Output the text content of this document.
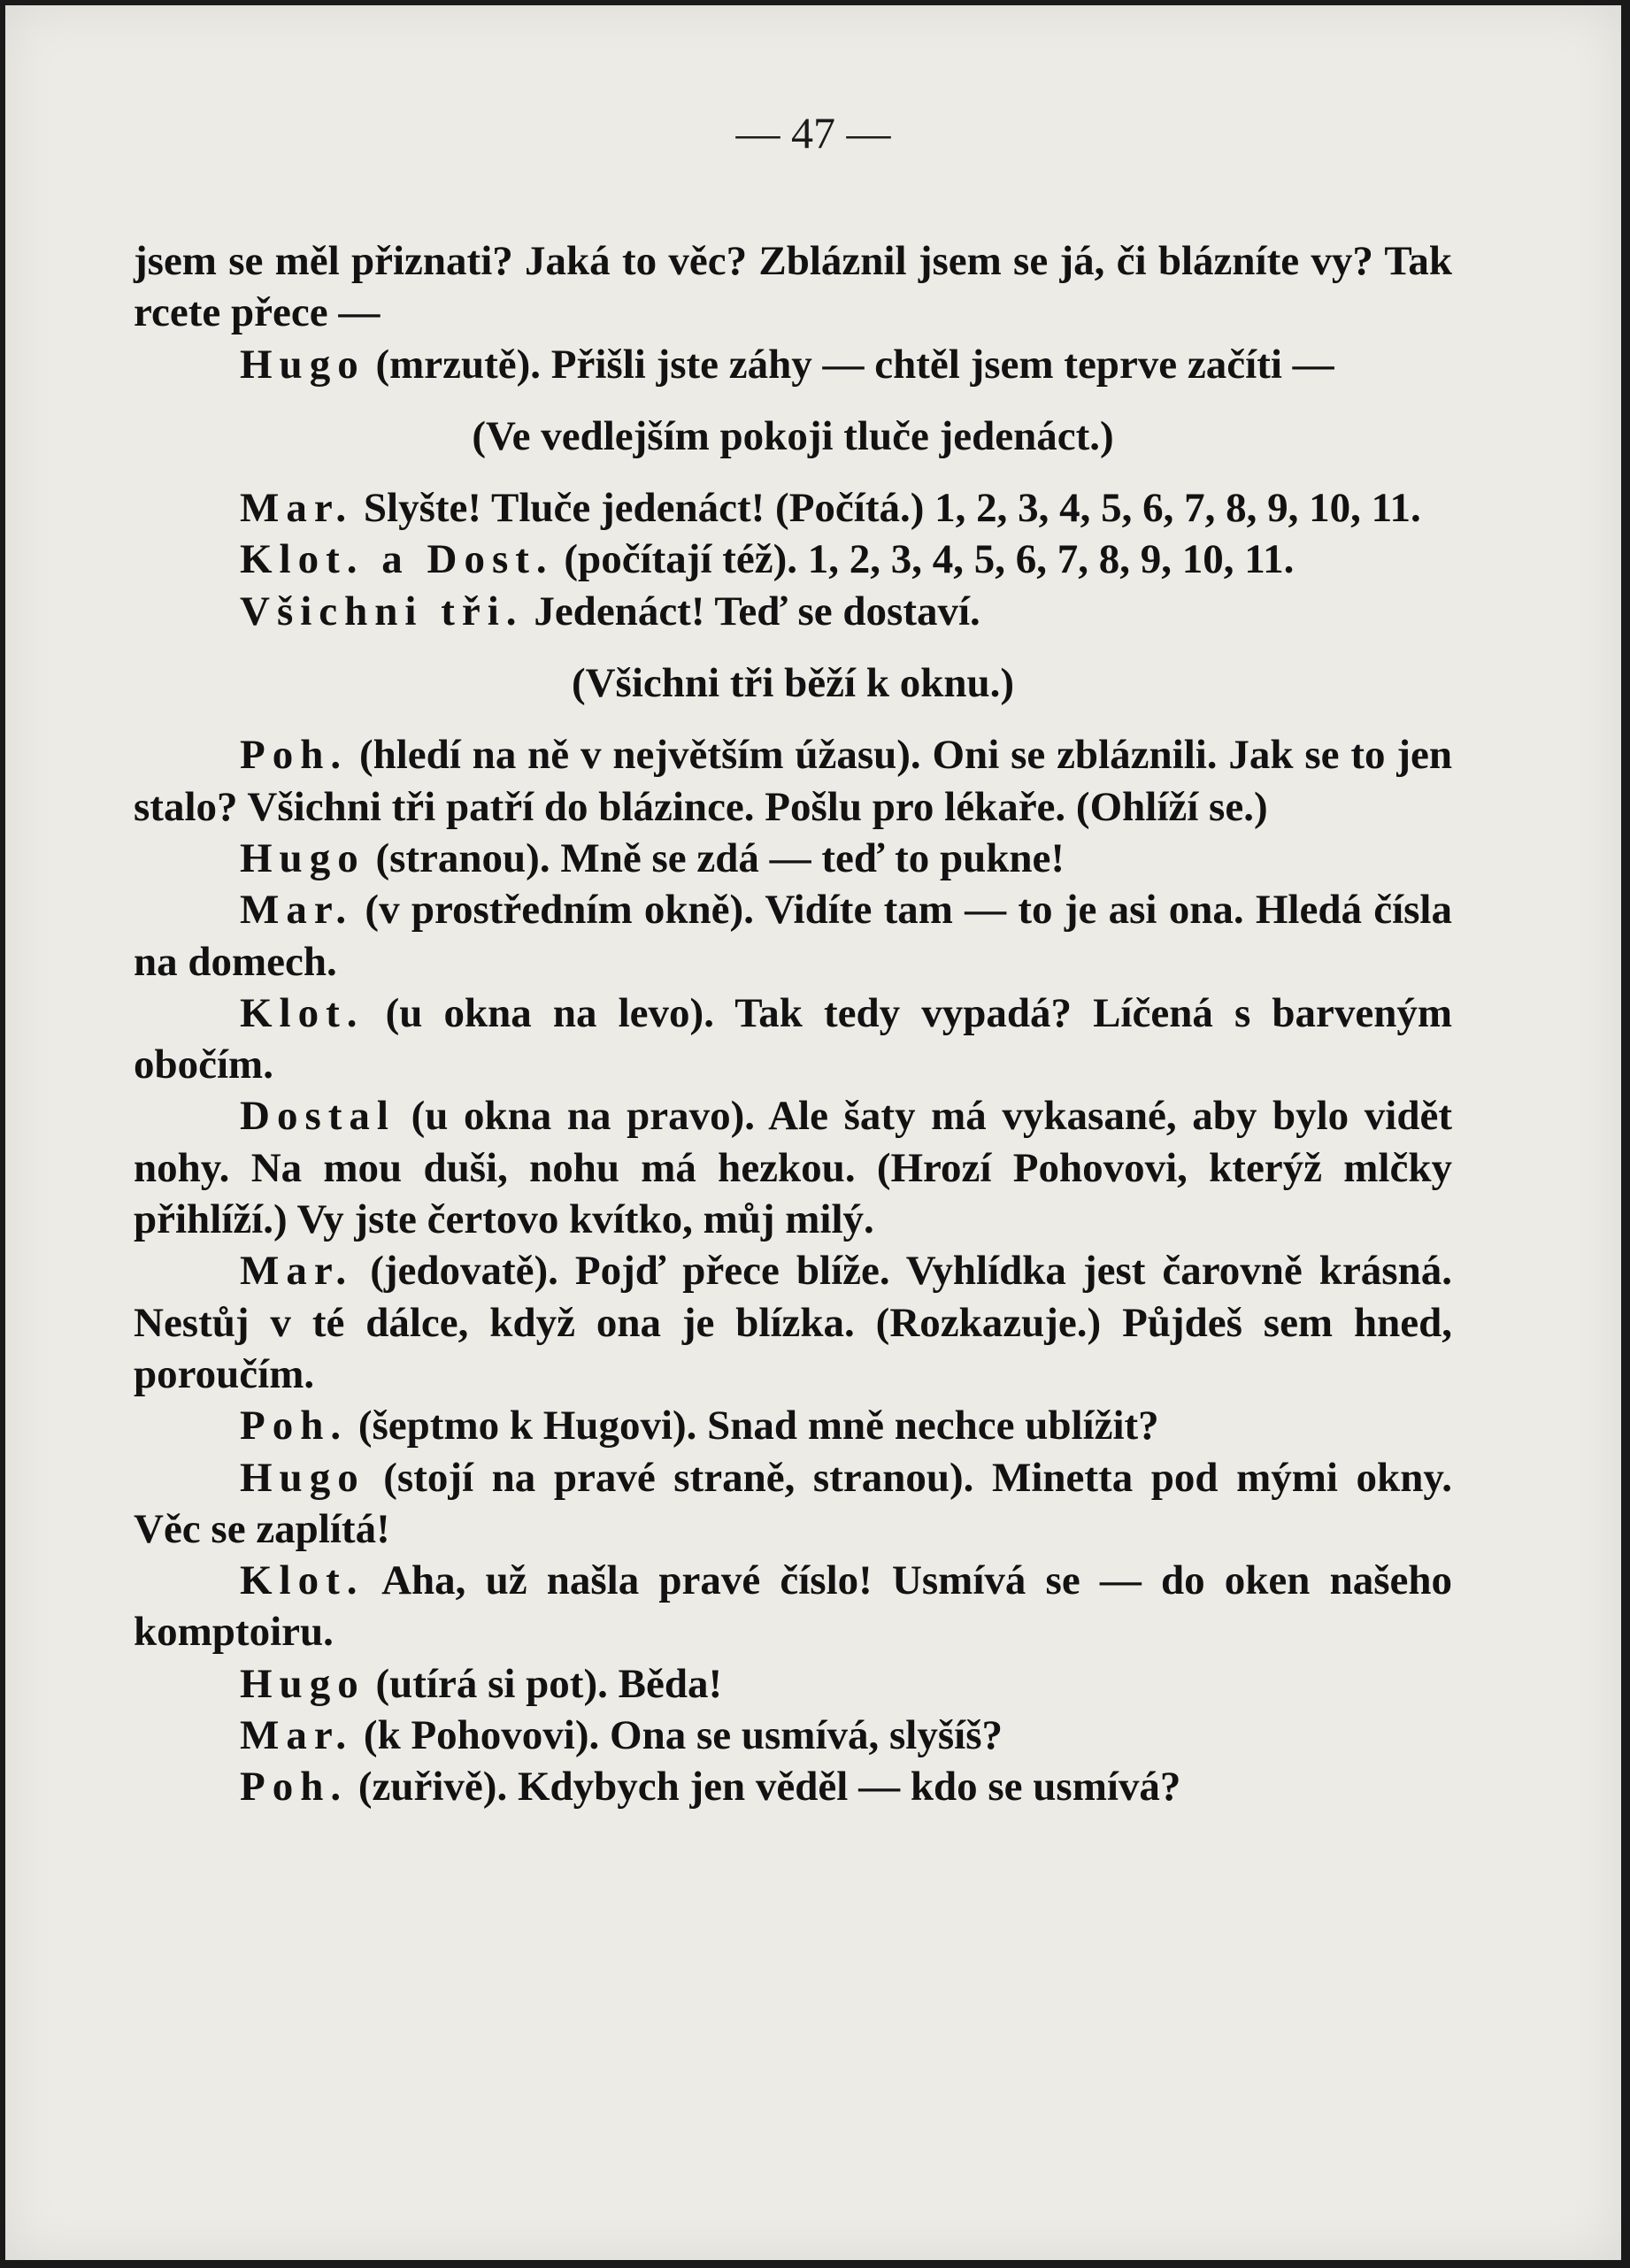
— 47 —

jsem se měl přiznati? Jaká to věc? Zbláznil jsem se já, či blázníte vy? Tak rcete přece —

Hugo (mrzutě). Přišli jste záhy — chtěl jsem teprve začíti —

(Ve vedlejším pokoji tluče jedenáct.)

Mar. Slyšte! Tluče jedenáct! (Počítá.) 1, 2, 3, 4, 5, 6, 7, 8, 9, 10, 11.

Klot. a Dost. (počítají též). 1, 2, 3, 4, 5, 6, 7, 8, 9, 10, 11.

Všichni tři. Jedenáct! Teď se dostaví.

(Všichni tři běží k oknu.)

Poh. (hledí na ně v největším úžasu). Oni se zbláznili. Jak se to jen stalo? Všichni tři patří do blázince. Pošlu pro lékaře. (Ohlíží se.)

Hugo (stranou). Mně se zdá — teď to pukne!

Mar. (v prostředním okně). Vidíte tam — to je asi ona. Hledá čísla na domech.

Klot. (u okna na levo). Tak tedy vypadá? Líčená s barveným obočím.

Dostal (u okna na pravo). Ale šaty má vykasané, aby bylo vidět nohy. Na mou duši, nohu má hezkou. (Hrozí Pohovovi, kterýž mlčky přihlíží.) Vy jste čertovo kvítko, můj milý.

Mar. (jedovatě). Pojď přece blíže. Vyhlídka jest čarovně krásná. Nestůj v té dálce, když ona je blízka. (Rozkazuje.) Půjdeš sem hned, poroučím.

Poh. (šeptmo k Hugovi). Snad mně nechce ublížit?

Hugo (stojí na pravé straně, stranou). Minetta pod mými okny. Věc se zaplítá!

Klot. Aha, už našla pravé číslo! Usmívá se — do oken našeho komptoiru.

Hugo (utírá si pot). Běda!

Mar. (k Pohovovi). Ona se usmívá, slyšíš?

Poh. (zuřivě). Kdybych jen věděl — kdo se usmívá?
